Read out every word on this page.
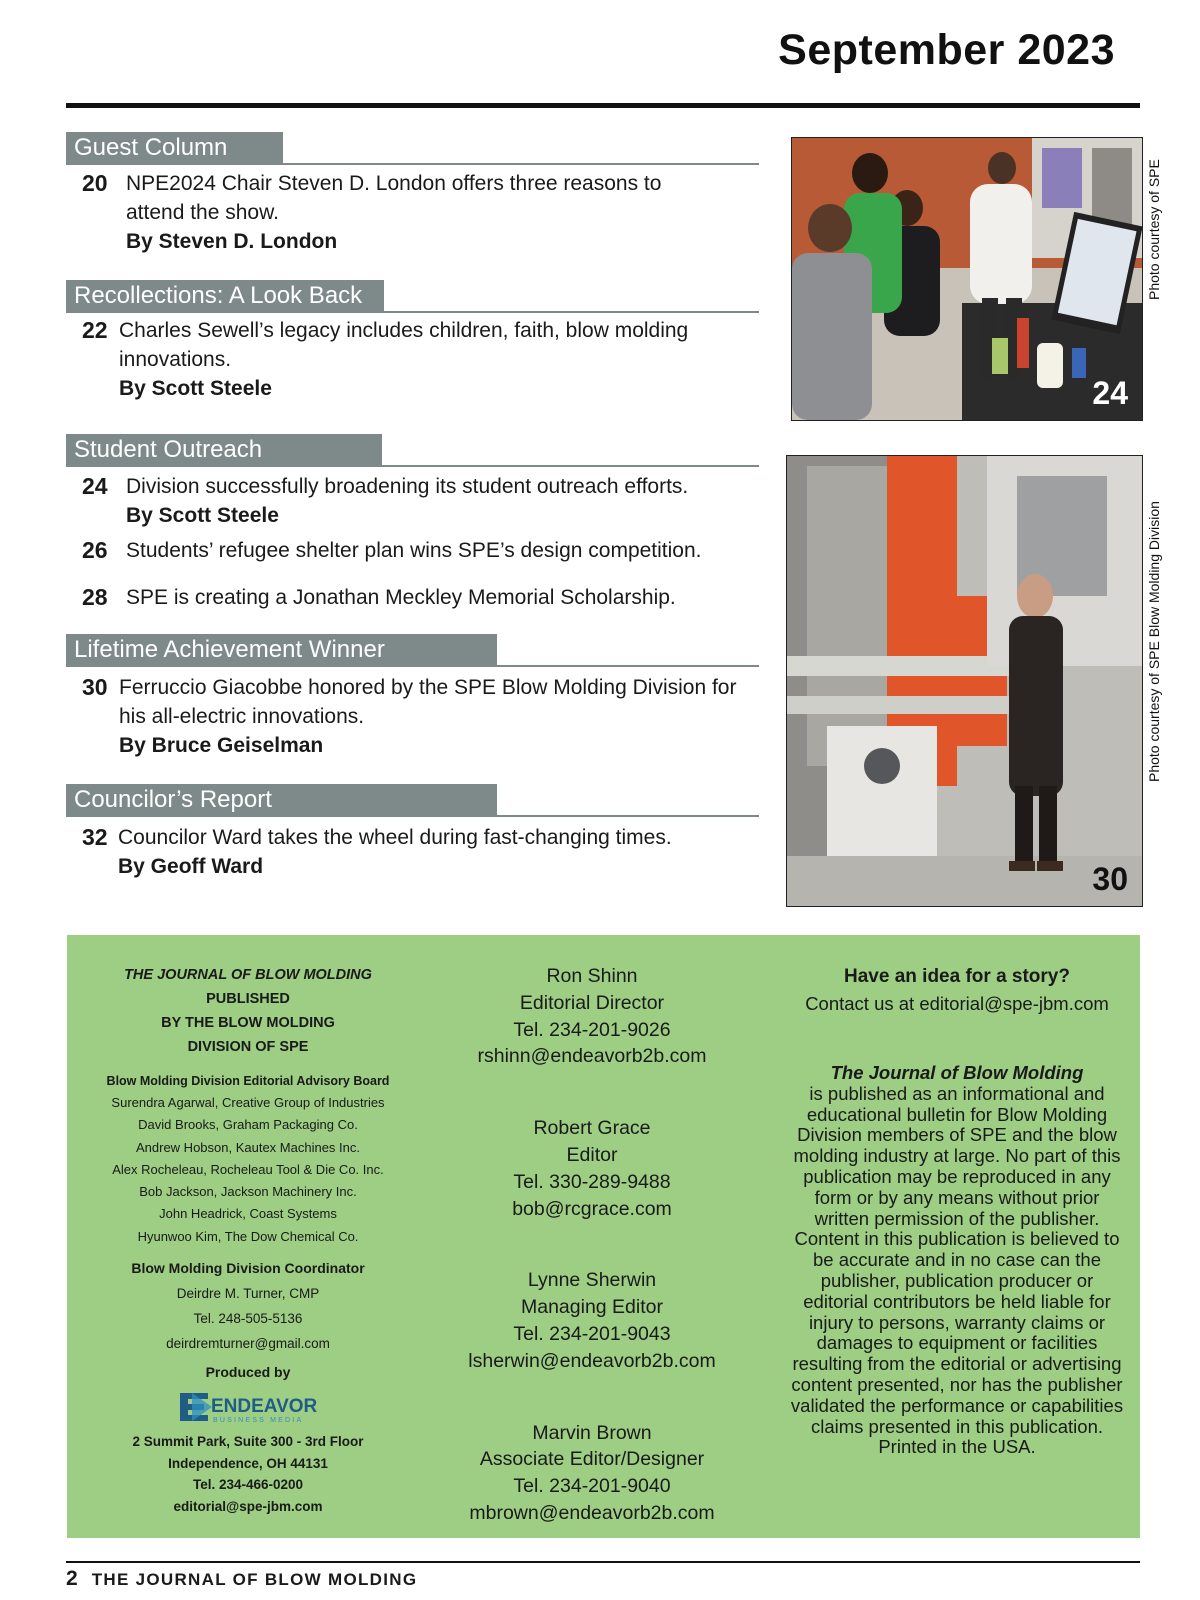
September 2023
Guest Column
20 NPE2024 Chair Steven D. London offers three reasons to attend the show.
By Steven D. London
Recollections: A Look Back
22 Charles Sewell’s legacy includes children, faith, blow molding innovations.
By Scott Steele
Student Outreach
24 Division successfully broadening its student outreach efforts.
By Scott Steele
26 Students’ refugee shelter plan wins SPE’s design competition.
28 SPE is creating a Jonathan Meckley Memorial Scholarship.
Lifetime Achievement Winner
30 Ferruccio Giacobbe honored by the SPE Blow Molding Division for his all-electric innovations.
By Bruce Geiselman
Councilor’s Report
32 Councilor Ward takes the wheel during fast-changing times.
By Geoff Ward
24
Photo courtesy of SPE
30
Photo courtesy of SPE Blow Molding Division
THE JOURNAL OF BLOW MOLDING
PUBLISHED
BY THE BLOW MOLDING
DIVISION OF SPE
Blow Molding Division Editorial Advisory Board
Surendra Agarwal, Creative Group of Industries
David Brooks, Graham Packaging Co.
Andrew Hobson, Kautex Machines Inc.
Alex Rocheleau, Rocheleau Tool & Die Co. Inc.
Bob Jackson, Jackson Machinery Inc.
John Headrick, Coast Systems
Hyunwoo Kim, The Dow Chemical Co.
Blow Molding Division Coordinator
Deirdre M. Turner, CMP
Tel. 248-505-5136
deirdremturner@gmail.com
Produced by
ENDEAVOR
BUSINESS MEDIA
2 Summit Park, Suite 300 - 3rd Floor
Independence, OH 44131
Tel. 234-466-0200
editorial@spe-jbm.com
Ron Shinn
Editorial Director
Tel. 234-201-9026
rshinn@endeavorb2b.com
Robert Grace
Editor
Tel. 330-289-9488
bob@rcgrace.com
Lynne Sherwin
Managing Editor
Tel. 234-201-9043
lsherwin@endeavorb2b.com
Marvin Brown
Associate Editor/Designer
Tel. 234-201-9040
mbrown@endeavorb2b.com
Have an idea for a story?
Contact us at editorial@spe-jbm.com
The Journal of Blow Molding
is published as an informational and educational bulletin for Blow Molding Division members of SPE and the blow molding industry at large. No part of this publication may be reproduced in any form or by any means without prior written permission of the publisher. Content in this publication is believed to be accurate and in no case can the publisher, publication producer or editorial contributors be held liable for injury to persons, warranty claims or damages to equipment or facilities resulting from the editorial or advertising content presented, nor has the publisher validated the performance or capabilities claims presented in this publication. Printed in the USA.
2 THE JOURNAL OF BLOW MOLDING
